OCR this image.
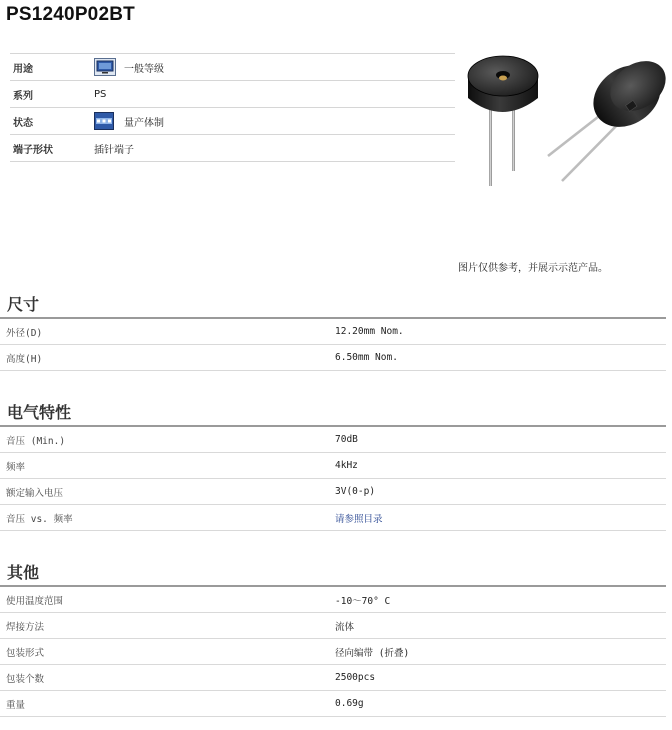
PS1240P02BT
用途	一般等级
系列	PS
状态	量产体制
端子形状	插针端子
图片仅供参考，并展示示范产品。
尺寸
外径(D)	12.20mm Nom.
高度(H)	6.50mm Nom.
电气特性
音压 (Min.)	70dB
频率	4kHz
额定输入电压	3V(0-p)
音压 vs. 频率	请参照目录
其他
使用温度范围	-10～70° C
焊接方法	流体
包装形式	径向编带 (折叠)
包装个数	2500pcs
重量	0.69g
